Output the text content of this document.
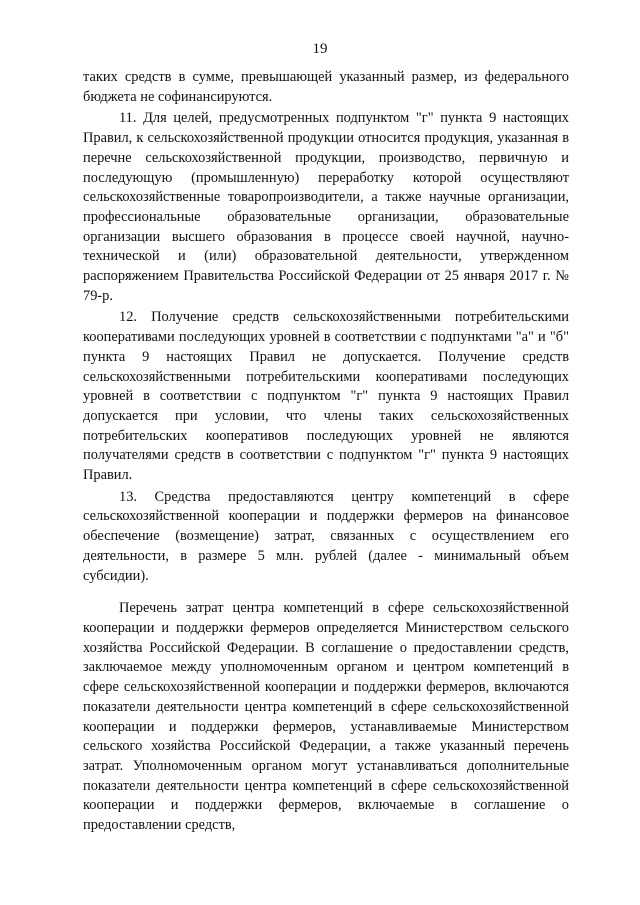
19

таких средств в сумме, превышающей указанный размер, из федерального бюджета не софинансируются.

11. Для целей, предусмотренных подпунктом "г" пункта 9 настоящих Правил, к сельскохозяйственной продукции относится продукция, указанная в перечне сельскохозяйственной продукции, производство, первичную и последующую (промышленную) переработку которой осуществляют сельскохозяйственные товаропроизводители, а также научные организации, профессиональные образовательные организации, образовательные организации высшего образования в процессе своей научной, научно-технической и (или) образовательной деятельности, утвержденном распоряжением Правительства Российской Федерации от 25 января 2017 г. № 79-р.

12. Получение средств сельскохозяйственными потребительскими кооперативами последующих уровней в соответствии с подпунктами "а" и "б" пункта 9 настоящих Правил не допускается. Получение средств сельскохозяйственными потребительскими кооперативами последующих уровней в соответствии с подпунктом "г" пункта 9 настоящих Правил допускается при условии, что члены таких сельскохозяйственных потребительских кооперативов последующих уровней не являются получателями средств в соответствии с подпунктом "г" пункта 9 настоящих Правил.

13. Средства предоставляются центру компетенций в сфере сельскохозяйственной кооперации и поддержки фермеров на финансовое обеспечение (возмещение) затрат, связанных с осуществлением его деятельности, в размере 5 млн. рублей (далее - минимальный объем субсидии).

Перечень затрат центра компетенций в сфере сельскохозяйственной кооперации и поддержки фермеров определяется Министерством сельского хозяйства Российской Федерации. В соглашение о предоставлении средств, заключаемое между уполномоченным органом и центром компетенций в сфере сельскохозяйственной кооперации и поддержки фермеров, включаются показатели деятельности центра компетенций в сфере сельскохозяйственной кооперации и поддержки фермеров, устанавливаемые Министерством сельского хозяйства Российской Федерации, а также указанный перечень затрат. Уполномоченным органом могут устанавливаться дополнительные показатели деятельности центра компетенций в сфере сельскохозяйственной кооперации и поддержки фермеров, включаемые в соглашение о предоставлении средств,
